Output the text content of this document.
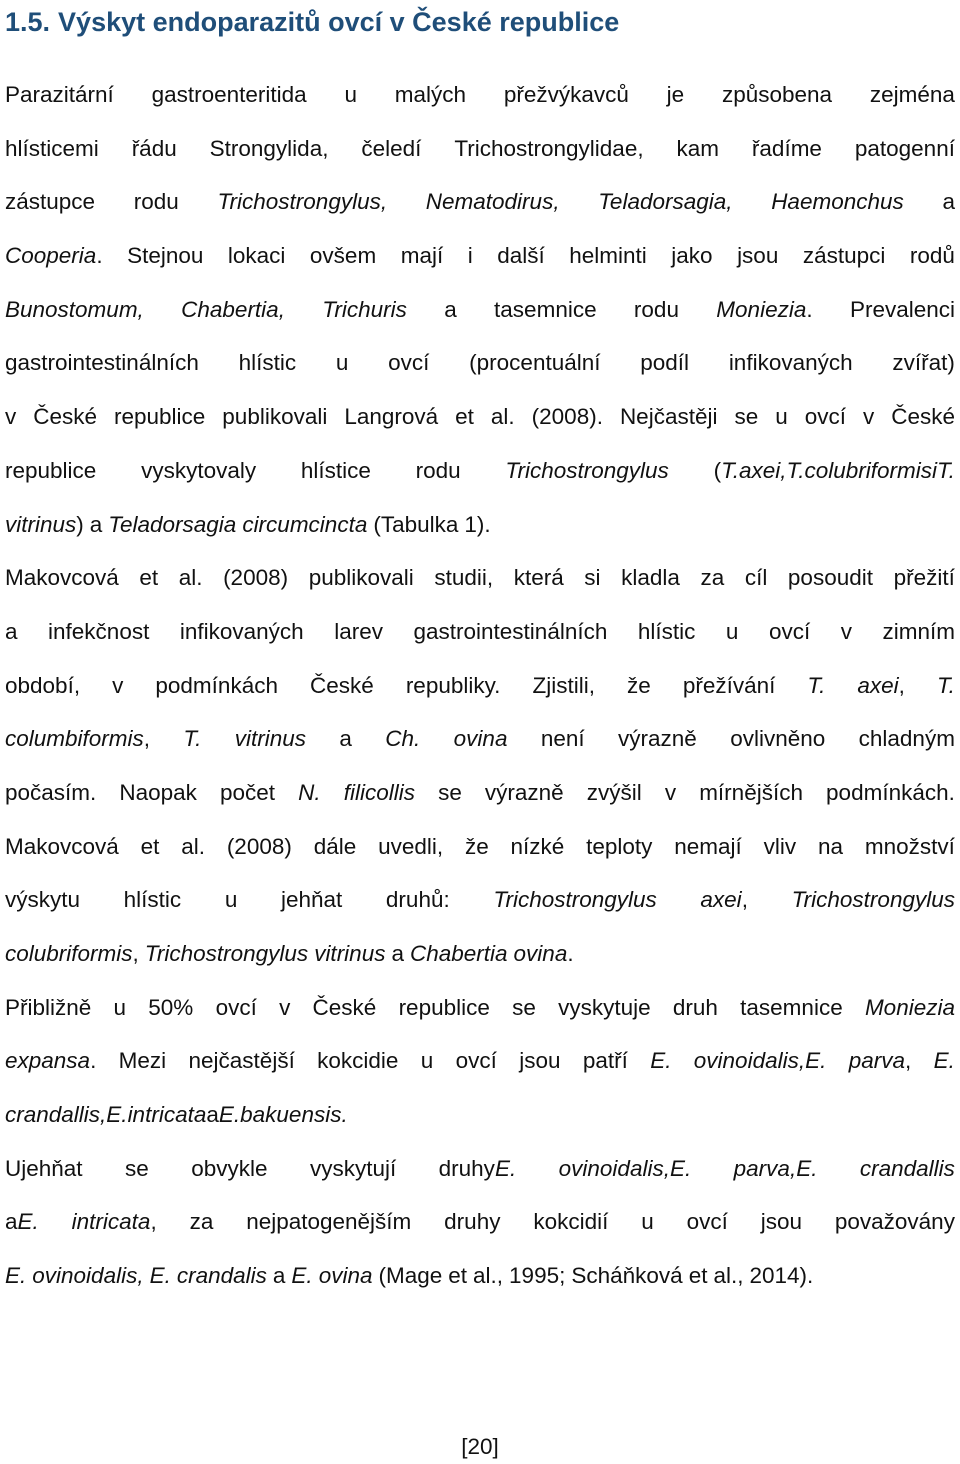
1.5. Výskyt endoparazitů ovcí v České republice
Parazitární gastroenteritida u malých přežvýkavců je způsobena zejména
hlísticemi řádu Strongylida, čeledí Trichostrongylidae, kam řadíme patogenní
zástupce rodu Trichostrongylus, Nematodirus, Teladorsagia, Haemonchus a
Cooperia. Stejnou lokaci ovšem mají i další helminti jako jsou zástupci rodů
Bunostomum, Chabertia, Trichuris a tasemnice rodu Moniezia. Prevalenci
gastrointestinálních hlístic u ovcí (procentuální podíl infikovaných zvířat)
v České republice publikovali Langrová et al. (2008). Nejčastěji se u ovcí v České
republice vyskytovaly hlístice rodu Trichostrongylus (T.axei,T.colubriformisiT.
vitrinus) a Teladorsagia circumcincta (Tabulka 1).
Makovcová et al. (2008) publikovali studii, která si kladla za cíl posoudit přežití
a infekčnost infikovaných larev gastrointestinálních hlístic u ovcí v zimním
období, v podmínkách České republiky. Zjistili, že přežívání T. axei, T.
columbiformis, T. vitrinus a Ch. ovina není výrazně ovlivněno chladným
počasím. Naopak počet N. filicollis se výrazně zvýšil v mírnějších podmínkách.
Makovcová et al. (2008) dále uvedli, že nízké teploty nemají vliv na množství
výskytu hlístic u jehňat druhů: Trichostrongylus axei, Trichostrongylus
colubriformis, Trichostrongylus vitrinus a Chabertia ovina.
Přibližně u 50% ovcí v České republice se vyskytuje druh tasemnice Moniezia
expansa. Mezi nejčastější kokcidie u ovcí jsou patří E. ovinoidalis,E. parva, E.
crandallis,E.intricataaE.bakuensis.
Ujehňat se obvykle vyskytují druhyE. ovinoidalis,E. parva,E. crandallis
aE. intricata, za nejpatogenějším druhy kokcidií u ovcí jsou považovány
E. ovinoidalis, E. crandalis a E. ovina (Mage et al., 1995; Scháňková et al., 2014).
[20]
